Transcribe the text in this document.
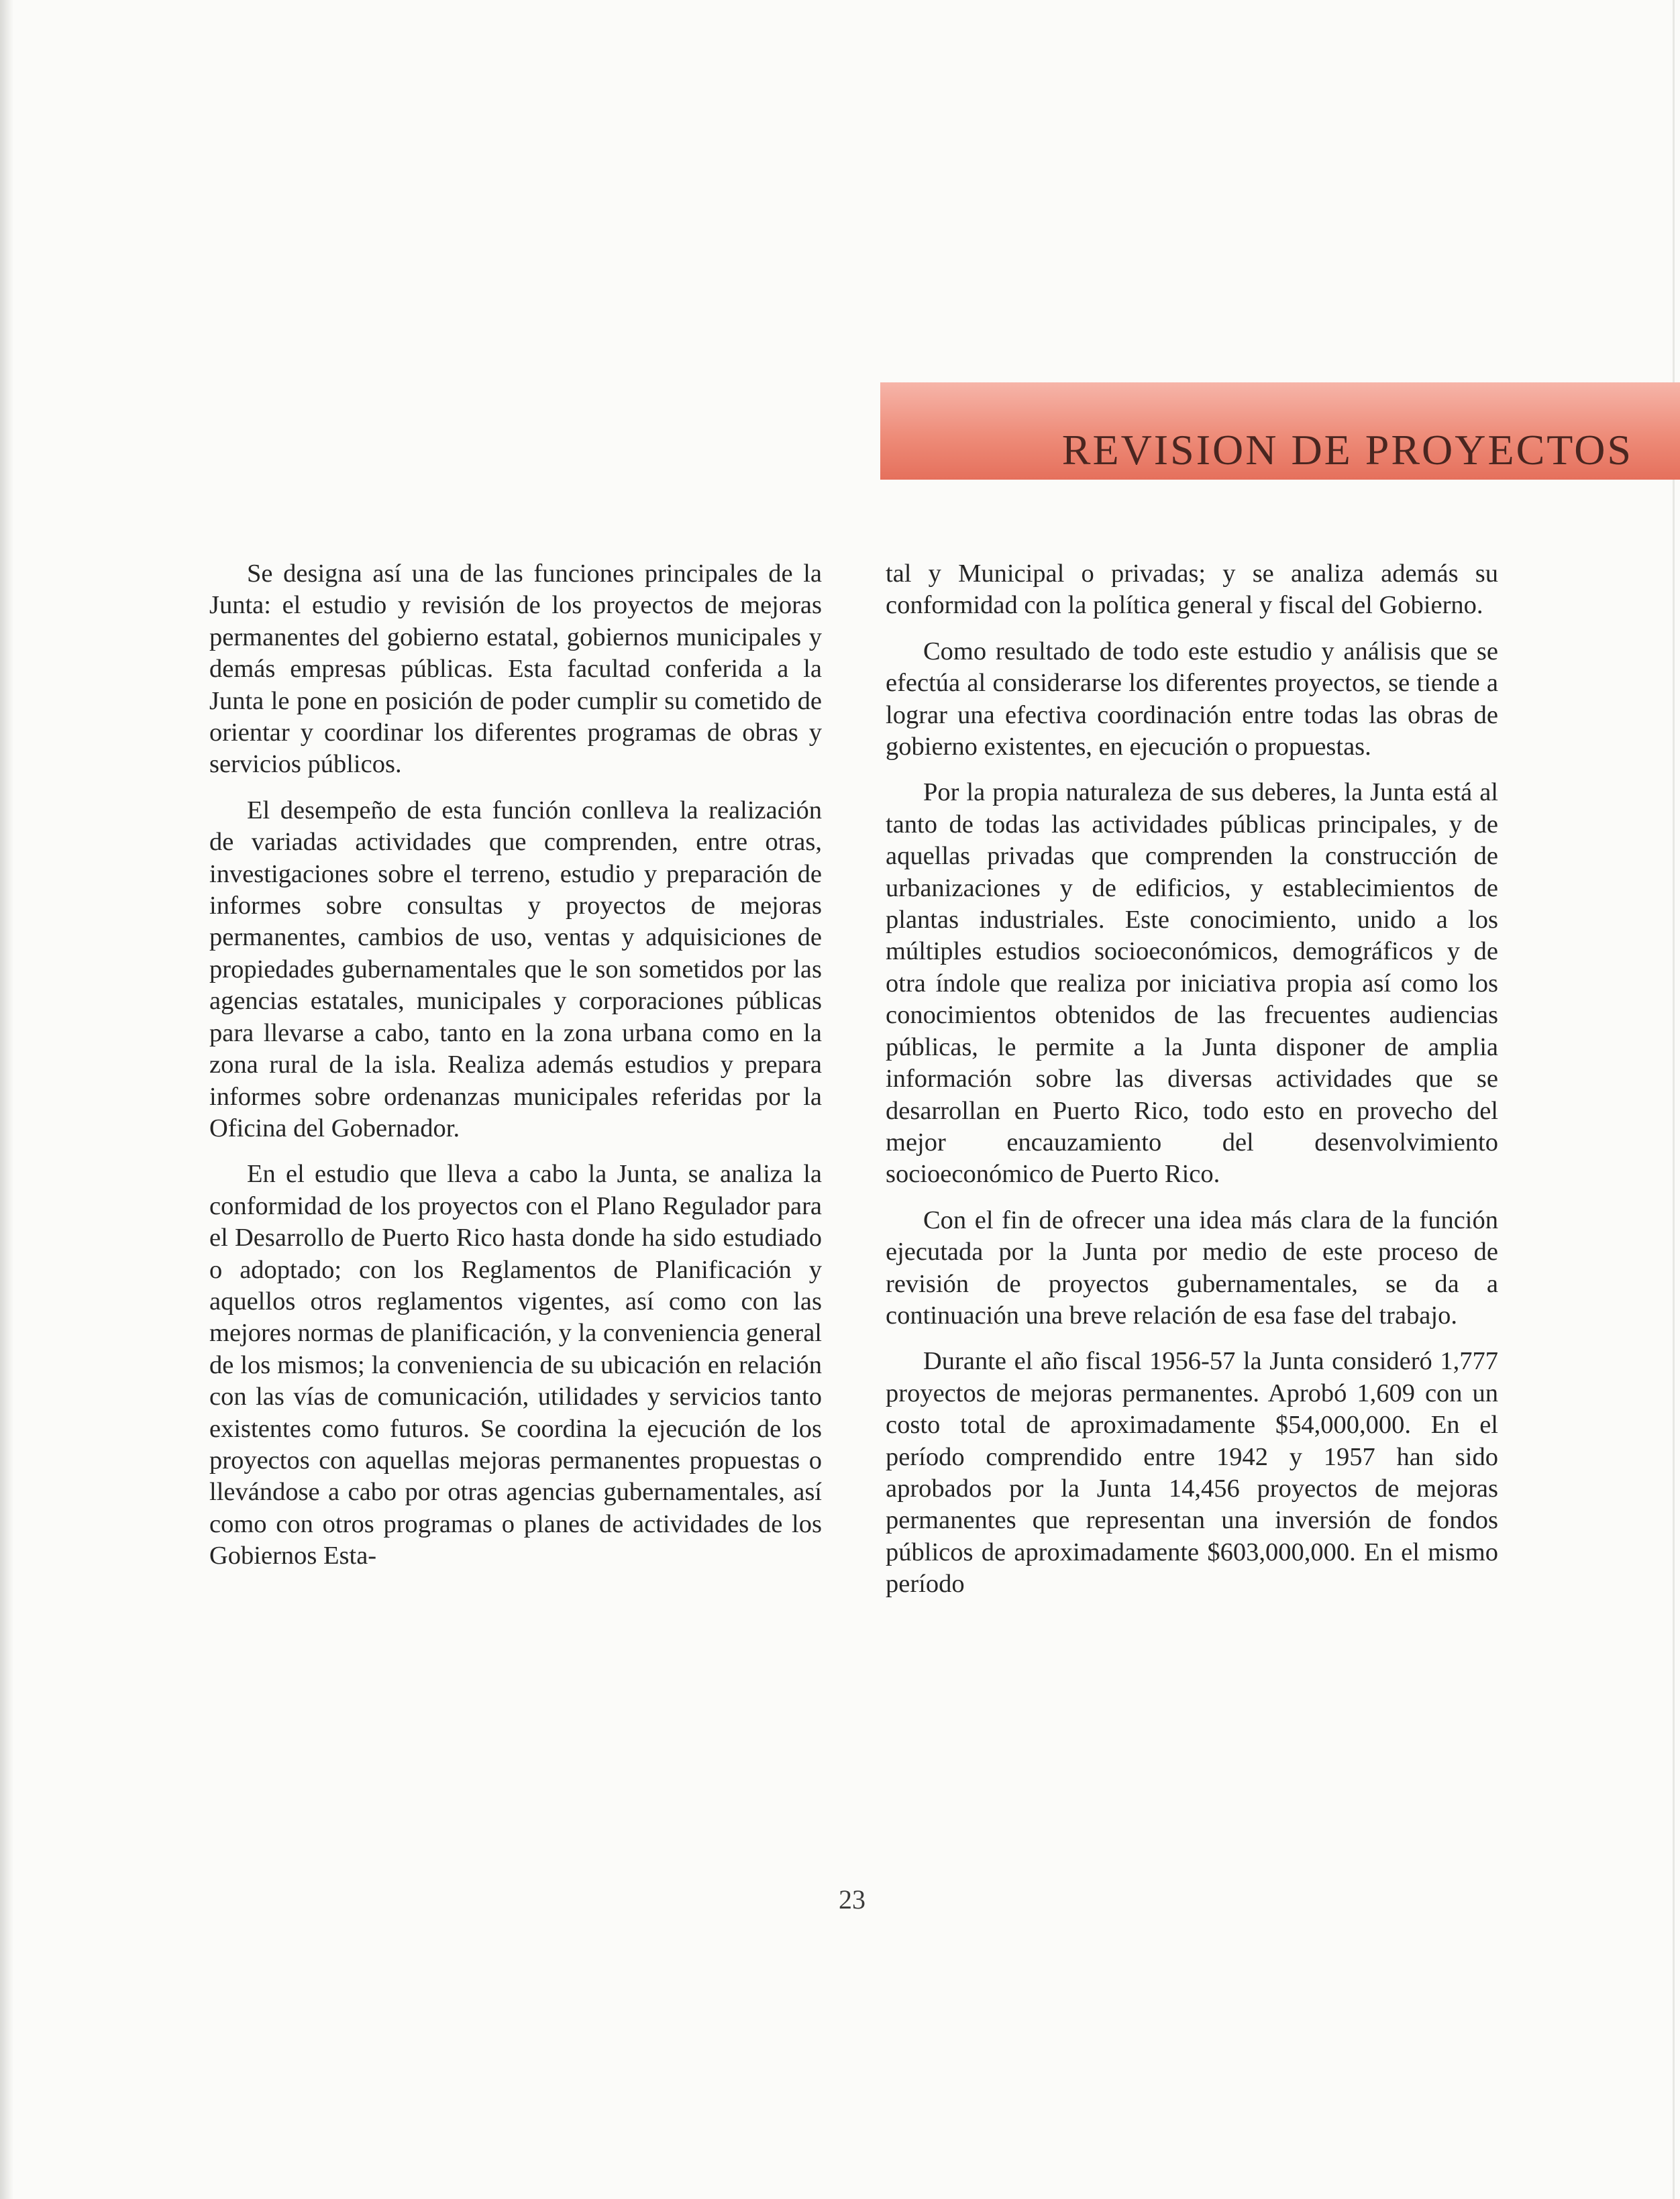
REVISION DE PROYECTOS

Se designa así una de las funciones principales de la Junta: el estudio y revisión de los proyectos de mejoras permanentes del gobierno estatal, gobiernos municipales y demás empresas públicas. Esta facultad conferida a la Junta le pone en posición de poder cumplir su cometido de orientar y coordinar los diferentes programas de obras y servicios públicos.

El desempeño de esta función conlleva la realización de variadas actividades que comprenden, entre otras, investigaciones sobre el terreno, estudio y preparación de informes sobre consultas y proyectos de mejoras permanentes, cambios de uso, ventas y adquisiciones de propiedades gubernamentales que le son sometidos por las agencias estatales, municipales y corporaciones públicas para llevarse a cabo, tanto en la zona urbana como en la zona rural de la isla. Realiza además estudios y prepara informes sobre ordenanzas municipales referidas por la Oficina del Gobernador.

En el estudio que lleva a cabo la Junta, se analiza la conformidad de los proyectos con el Plano Regulador para el Desarrollo de Puerto Rico hasta donde ha sido estudiado o adoptado; con los Reglamentos de Planificación y aquellos otros reglamentos vigentes, así como con las mejores normas de planificación, y la conveniencia general de los mismos; la conveniencia de su ubicación en relación con las vías de comunicación, utilidades y servicios tanto existentes como futuros. Se coordina la ejecución de los proyectos con aquellas mejoras permanentes propuestas o llevándose a cabo por otras agencias gubernamentales, así como con otros programas o planes de actividades de los Gobiernos Esta-

tal y Municipal o privadas; y se analiza además su conformidad con la política general y fiscal del Gobierno.

Como resultado de todo este estudio y análisis que se efectúa al considerarse los diferentes proyectos, se tiende a lograr una efectiva coordinación entre todas las obras de gobierno existentes, en ejecución o propuestas.

Por la propia naturaleza de sus deberes, la Junta está al tanto de todas las actividades públicas principales, y de aquellas privadas que comprenden la construcción de urbanizaciones y de edificios, y establecimientos de plantas industriales. Este conocimiento, unido a los múltiples estudios socioeconómicos, demográficos y de otra índole que realiza por iniciativa propia así como los conocimientos obtenidos de las frecuentes audiencias públicas, le permite a la Junta disponer de amplia información sobre las diversas actividades que se desarrollan en Puerto Rico, todo esto en provecho del mejor encauzamiento del desenvolvimiento socioeconómico de Puerto Rico.

Con el fin de ofrecer una idea más clara de la función ejecutada por la Junta por medio de este proceso de revisión de proyectos gubernamentales, se da a continuación una breve relación de esa fase del trabajo.

Durante el año fiscal 1956-57 la Junta consideró 1,777 proyectos de mejoras permanentes. Aprobó 1,609 con un costo total de aproximadamente $54,000,000. En el período comprendido entre 1942 y 1957 han sido aprobados por la Junta 14,456 proyectos de mejoras permanentes que representan una inversión de fondos públicos de aproximadamente $603,000,000. En el mismo período

23
